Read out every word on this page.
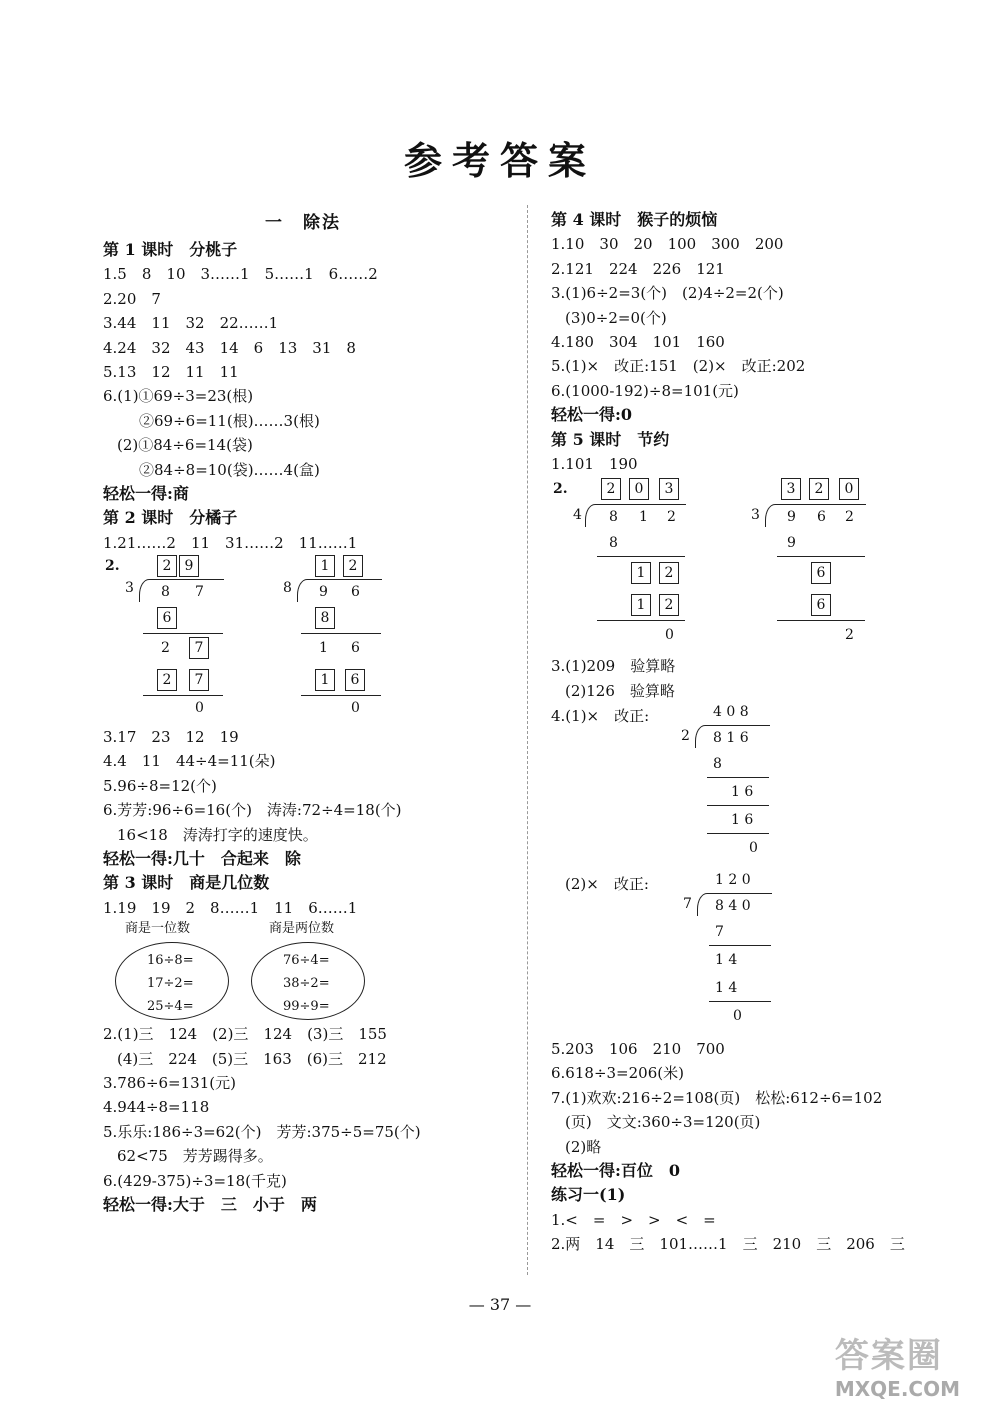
参考答案
一　除法
第 1 课时　分桃子
1.5　8　10　3……1　5……1　6……2
2.20　7
3.44　11　32　22……1
4.24　32　43　14　6　13　31　8
5.13　12　11　11
6.(1)①69÷3=23(根)
②69÷6=11(根)……3(根)
(2)①84÷6=14(袋)
②84÷8=10(袋)……4(盒)
轻松一得:商
第 2 课时　分橘子
1.21……2　11　31……2　11……1
2.	2 9
3 8 7
6
2	7
2	7
0
1	2
8 9 6
8
1 6
1	6
0
3.17　23　12　19
4.4　11　44÷4=11(朵)
5.96÷8=12(个)
6.芳芳:96÷6=16(个)　涛涛:72÷4=18(个)
16<18　涛涛打字的速度快。
轻松一得:几十　合起来　除
第 3 课时　商是几位数
1.19　19　2　8……1　11　6……1
商是一位数	商是两位数
16÷8=
17÷2=
25÷4=
76÷4=
38÷2=
99÷9=
2.(1)三　124　(2)三　124　(3)三　155
(4)三　224　(5)三　163　(6)三　212
3.786÷6=131(元)
4.944÷8=118
5.乐乐:186÷3=62(个)　芳芳:375÷5=75(个)
62<75　芳芳踢得多。
6.(429-375)÷3=18(千克)
轻松一得:大于　三　小于　两
第 4 课时　猴子的烦恼
1.10　30　20　100　300　200
2.121　224　226　121
3.(1)6÷2=3(个)　(2)4÷2=2(个)
(3)0÷2=0(个)
4.180　304　101　160
5.(1)×　改正:151　(2)×　改正:202
6.(1000-192)÷8=101(元)
轻松一得:0
第 5 课时　节约
1.101　190
2.	2	0	3
4 8 1 2
8
1	2
1	2
0
3	2	0
3 9 6 2
9
6
6
2
3.(1)209　验算略
(2)126　验算略
4.(1)×　改正:	4 0 8
2 8 1 6
8
1 6
1 6
0
(2)×　改正:	1 2 0
7 8 4 0
7
1 4
1 4
0
5.203　106　210　700
6.618÷3=206(米)
7.(1)欢欢:216÷2=108(页)　松松:612÷6=102
(页)　文文:360÷3=120(页)
(2)略
轻松一得:百位　0
练习一(1)
1.<　=　>　>　<　=
2.两　14　三　101……1　三　210　三　206　三
— 37 —
答案圈
MXQE.COM
